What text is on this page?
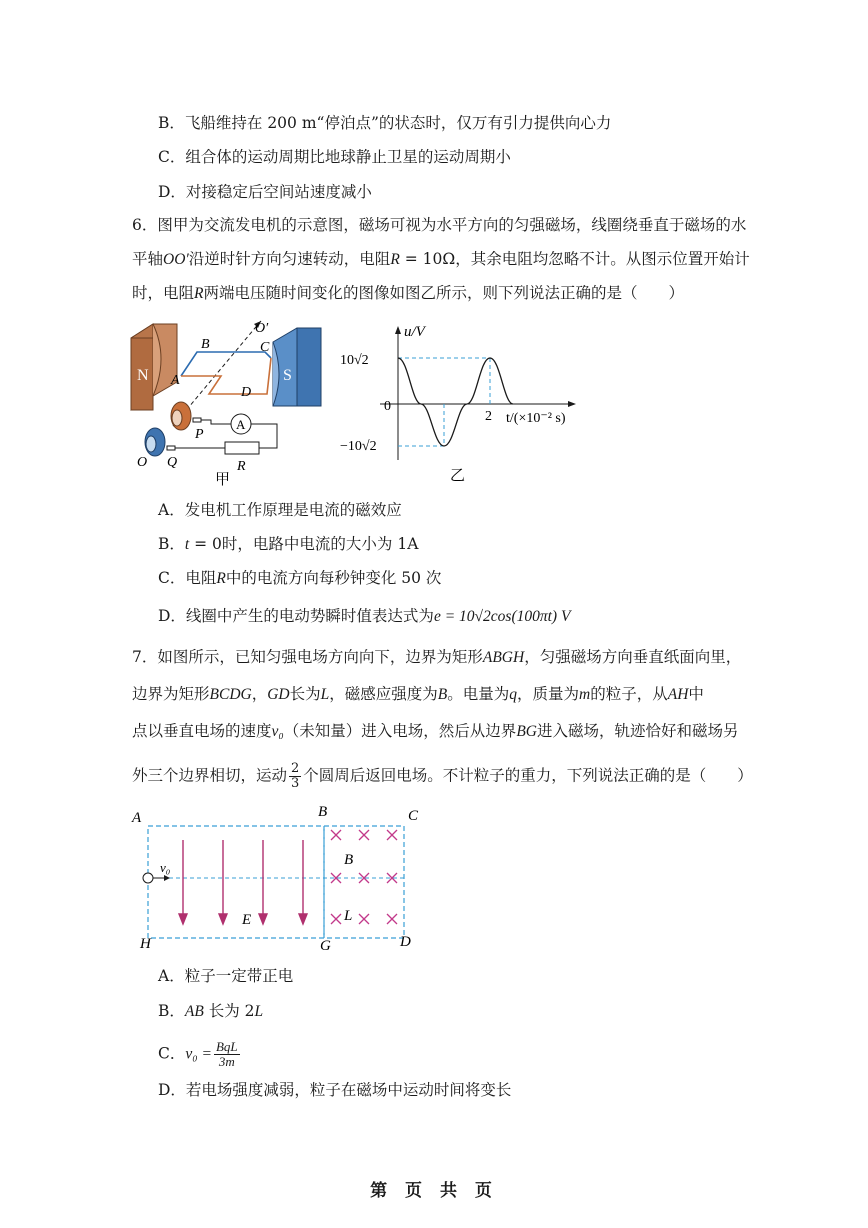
B．飞船维持在 200 m“停泊点”的状态时，仅万有引力提供向心力
C．组合体的运动周期比地球静止卫星的运动周期小
D．对接稳定后空间站速度减小
6．图甲为交流发电机的示意图，磁场可视为水平方向的匀强磁场，线圈绕垂直于磁场的水
平轴OO′沿逆时针方向匀速转动，电阻R = 10Ω，其余电阻均忽略不计。从图示位置开始计
时，电阻R两端电压随时间变化的图像如图乙所示，则下列说法正确的是（　　）
N	S
B	C
A
D
O′
P
Q
O
A
R
甲
u/V
10√2
0
−10√2
2 t/(×10⁻² s)
乙
A．发电机工作原理是电流的磁效应
B．t = 0时，电路中电流的大小为 1A
C．电阻R中的电流方向每秒钟变化 50 次
D．线圈中产生的电动势瞬时值表达式为e = 10√2cos(100πt) V
7．如图所示，已知匀强电场方向向下，边界为矩形ABGH，匀强磁场方向垂直纸面向里，
边界为矩形BCDG，GD长为L，磁感应强度为B。电量为q，质量为m的粒子，从AH中
点以垂直电场的速度v₀（未知量）进入电场，然后从边界BG进入磁场，轨迹恰好和磁场另
外三个边界相切，运动 $\frac{2}{3}$ 个圆周后返回电场。不计粒子的重力，下列说法正确的是（　　）
A	B	C
D
G
H
v₀
E
B
L
A．粒子一定带正电
B．AB 长为 2L
C．$v_0 = \frac{\text{BqL}}{3m}$
D．若电场强度减弱，粒子在磁场中运动时间将变长
第 页 共 页
